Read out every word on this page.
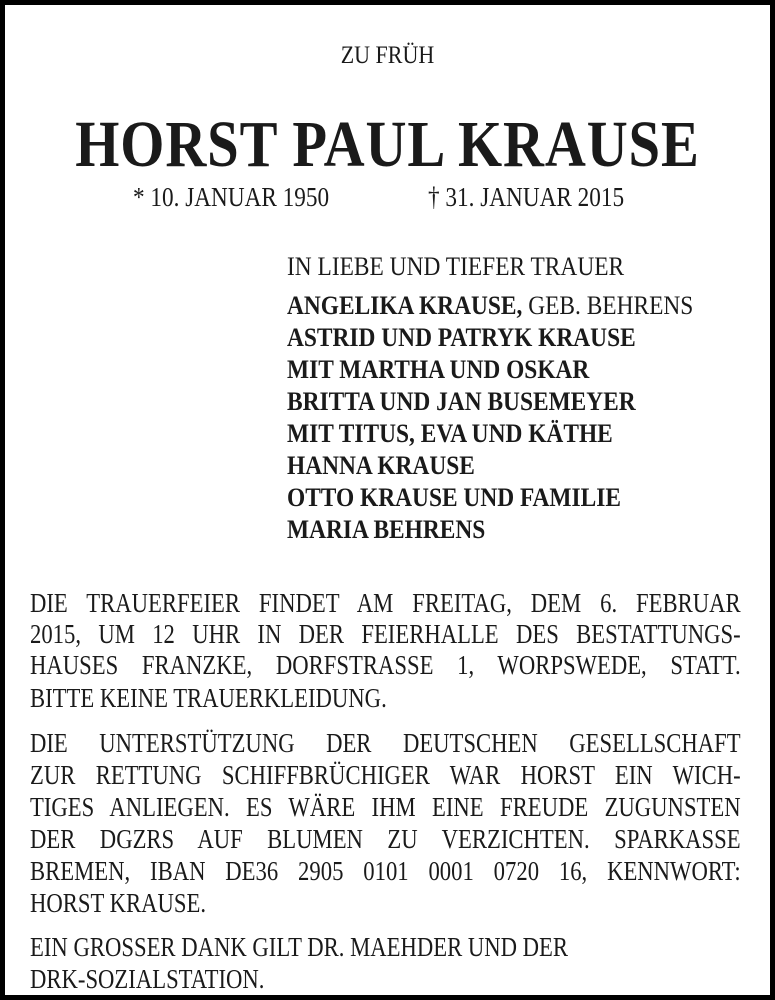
ZU FRÜH
HORST PAUL KRAUSE
* 10. JANUAR 1950	† 31. JANUAR 2015
IN LIEBE UND TIEFER TRAUER
ANGELIKA KRAUSE, GEB. BEHRENS
ASTRID UND PATRYK KRAUSE
MIT MARTHA UND OSKAR
BRITTA UND JAN BUSEMEYER
MIT TITUS, EVA UND KÄTHE
HANNA KRAUSE
OTTO KRAUSE UND FAMILIE
MARIA BEHRENS
DIE TRAUERFEIER FINDET AM FREITAG, DEM 6. FEBRUAR
2015, UM 12 UHR IN DER FEIERHALLE DES BESTATTUNGS-
HAUSES FRANZKE, DORFSTRASSE 1, WORPSWEDE, STATT.
BITTE KEINE TRAUERKLEIDUNG.
DIE UNTERSTÜTZUNG DER DEUTSCHEN GESELLSCHAFT
ZUR RETTUNG SCHIFFBRÜCHIGER WAR HORST EIN WICH-
TIGES ANLIEGEN. ES WÄRE IHM EINE FREUDE ZUGUNSTEN
DER DGZRS AUF BLUMEN ZU VERZICHTEN. SPARKASSE
BREMEN, IBAN DE36 2905 0101 0001 0720 16, KENNWORT:
HORST KRAUSE.
EIN GROSSER DANK GILT DR. MAEHDER UND DER
DRK-SOZIALSTATION.
